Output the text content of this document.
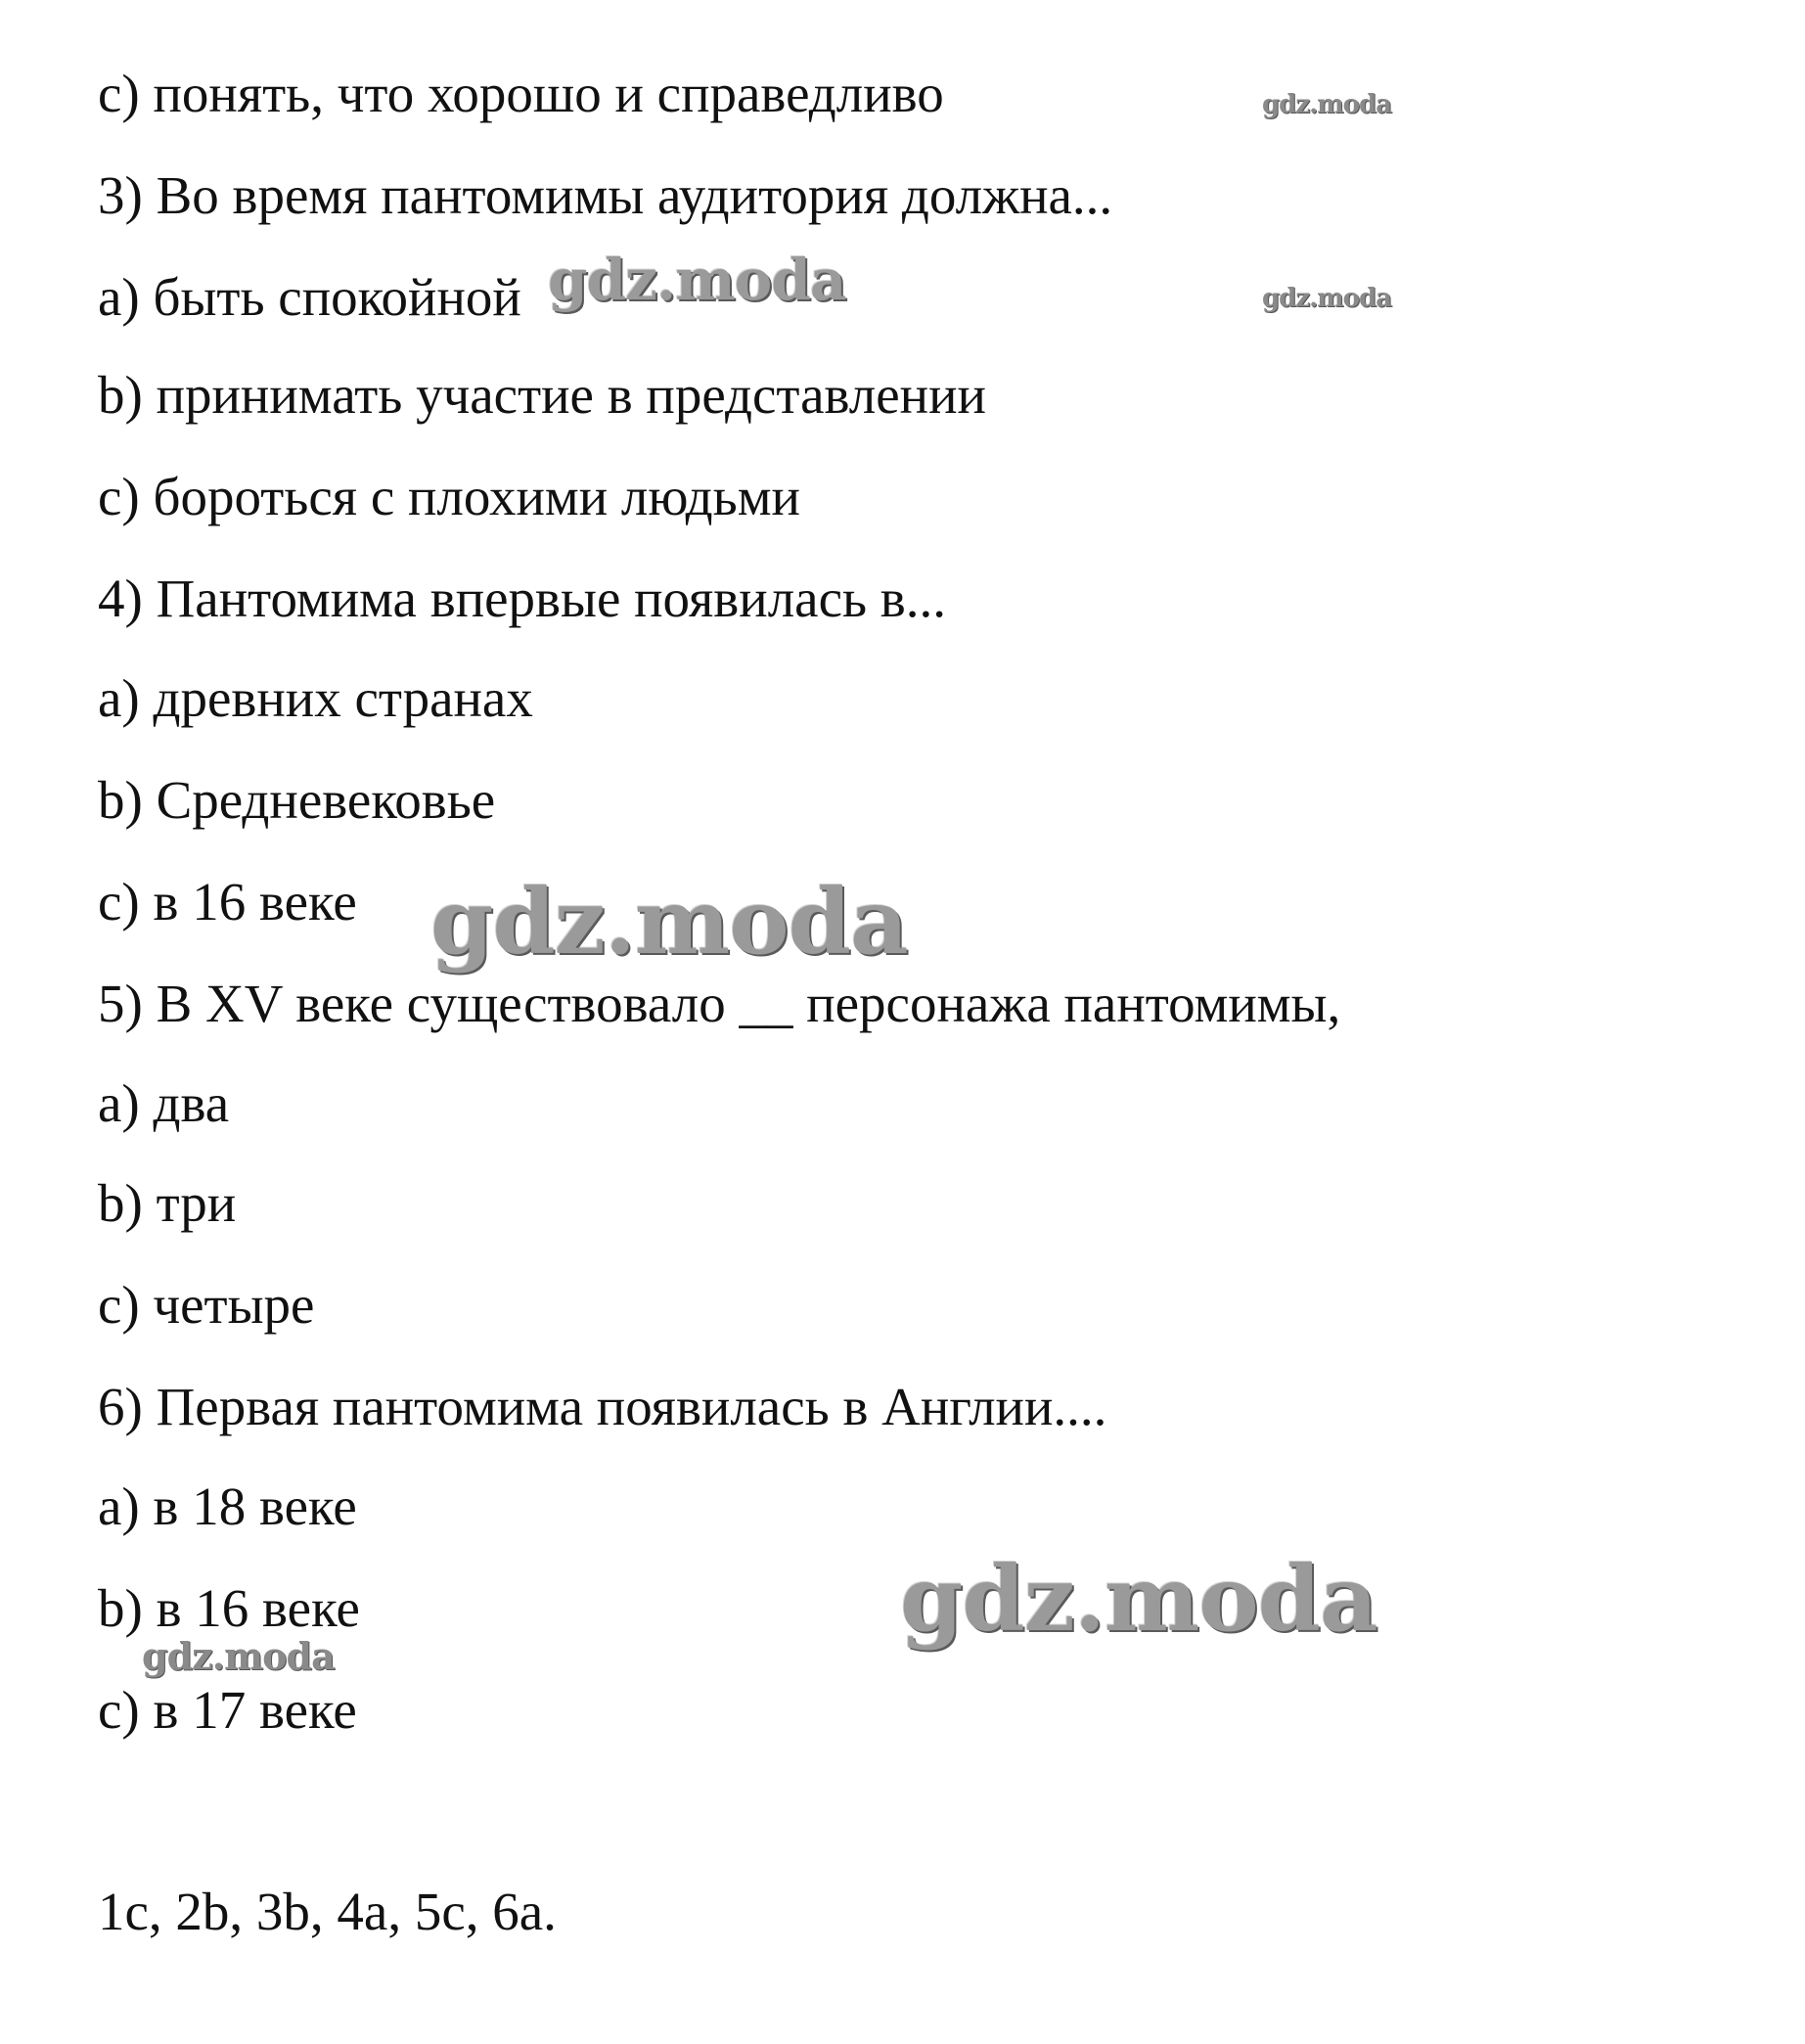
c) понять, что хорошо и справедливо

3) Во время пантомимы аудитория должна...

a) быть спокойной

b) принимать участие в представлении

c) бороться с плохими людьми

4) Пантомима впервые появилась в...

a) древних странах

b) Средневековье

c) в 16 веке

5) В XV веке существовало __ персонажа пантомимы,

a) два

b) три

c) четыре

6) Первая пантомима появилась в Англии....

a) в 18 веке

b) в 16 веке

c) в 17 веке

1c, 2b, 3b, 4a, 5c, 6a.

gdz.moda
gdz.moda
gdz.moda
gdz.moda
gdz.moda
gdz.moda
